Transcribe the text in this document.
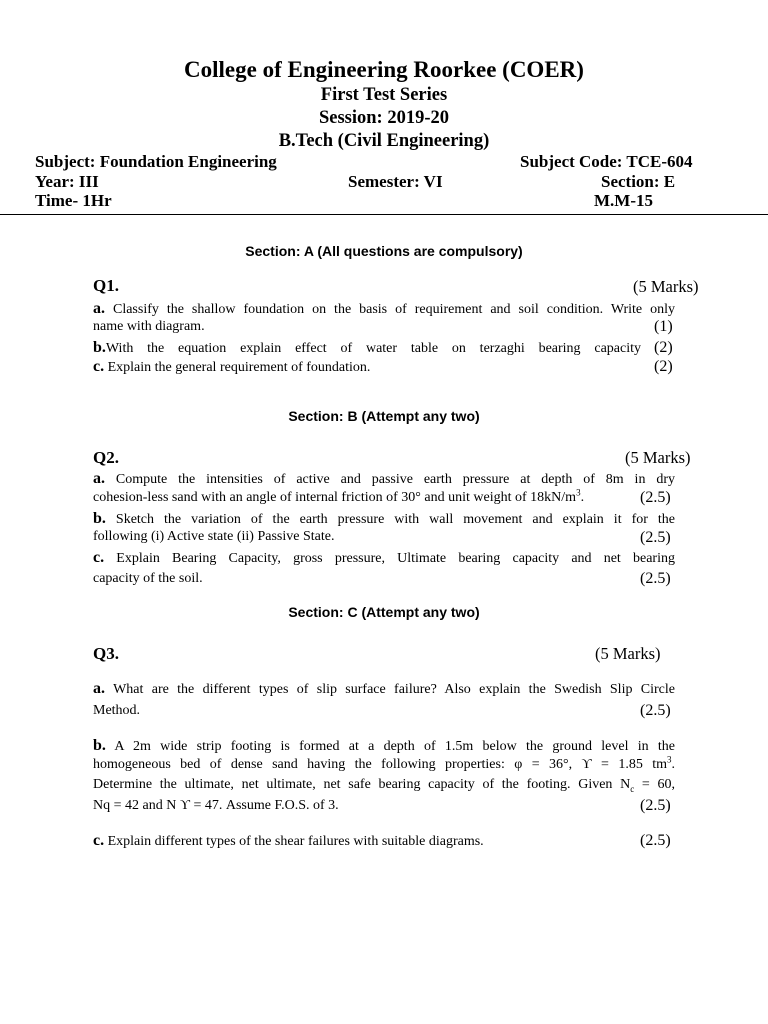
College of Engineering Roorkee (COER)
First Test Series
Session: 2019-20
B.Tech (Civil Engineering)
Subject: Foundation Engineering	Subject Code: TCE-604
Year: III	Semester: VI	Section: E
Time- 1Hr	M.M-15
Section: A (All questions are compulsory)
Q1.	(5 Marks)
a. Classify the shallow foundation on the basis of requirement and soil condition. Write only
name with diagram.	(1)
b.With the equation explain effect of water table on terzaghi bearing capacity (2)
c. Explain the general requirement of foundation.	(2)
Section: B (Attempt any two)
Q2.	(5 Marks)
a. Compute the intensities of active and passive earth pressure at depth of 8m in dry
cohesion-less sand with an angle of internal friction of 30° and unit weight of $18kN/m^3$.	(2.5)
b. Sketch the variation of the earth pressure with wall movement and explain it for the
following (i) Active state (ii) Passive State.	(2.5)
c. Explain Bearing Capacity, gross pressure, Ultimate bearing capacity and net bearing
capacity of the soil.	(2.5)
Section: C (Attempt any two)
Q3.	(5 Marks)
a. What are the different types of slip surface failure? Also explain the Swedish Slip Circle
Method.	(2.5)
b. A 2m wide strip footing is formed at a depth of 1.5m below the ground level in the
homogeneous bed of dense sand having the following properties: φ = 36°, ϒ = 1.85 $tm^3$.
Determine the ultimate, net ultimate, net safe bearing capacity of the footing. Given $N_c = 60$,
Nq = 42 and N ϒ = 47. Assume F.O.S. of 3.	(2.5)
c. Explain different types of the shear failures with suitable diagrams.	(2.5)
